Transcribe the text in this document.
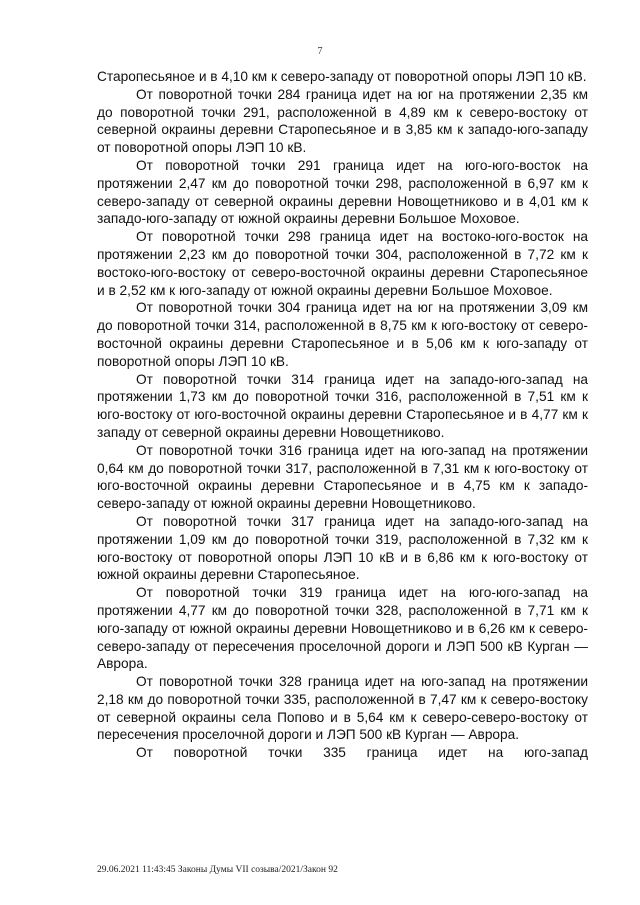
7

Старопесьяное и в 4,10 км к северо-западу от поворотной опоры ЛЭП 10 кВ.

От поворотной точки 284 граница идет на юг на протяжении 2,35 км до поворотной точки 291, расположенной в 4,89 км к северо-востоку от северной окраины деревни Старопесьяное и в 3,85 км к западо-юго-западу от поворотной опоры ЛЭП 10 кВ.

От поворотной точки 291 граница идет на юго-юго-восток на протяжении 2,47 км до поворотной точки 298, расположенной в 6,97 км к северо-западу от северной окраины деревни Новощетниково и в 4,01 км к западо-юго-западу от южной окраины деревни Большое Моховое.

От поворотной точки 298 граница идет на востоко-юго-восток на протяжении 2,23 км до поворотной точки 304, расположенной в 7,72 км к востоко-юго-востоку от северо-восточной окраины деревни Старопесьяное и в 2,52 км к юго-западу от южной окраины деревни Большое Моховое.

От поворотной точки 304 граница идет на юг на протяжении 3,09 км до поворотной точки 314, расположенной в 8,75 км к юго-востоку от северо-восточной окраины деревни Старопесьяное и в 5,06 км к юго-западу от поворотной опоры ЛЭП 10 кВ.

От поворотной точки 314 граница идет на западо-юго-запад на протяжении 1,73 км до поворотной точки 316, расположенной в 7,51 км к юго-востоку от юго-восточной окраины деревни Старопесьяное и в 4,77 км к западу от северной окраины деревни Новощетниково.

От поворотной точки 316 граница идет на юго-запад на протяжении 0,64 км до поворотной точки 317, расположенной в 7,31 км к юго-востоку от юго-восточной окраины деревни Старопесьяное и в 4,75 км к западо-северо-западу от южной окраины деревни Новощетниково.

От поворотной точки 317 граница идет на западо-юго-запад на протяжении 1,09 км до поворотной точки 319, расположенной в 7,32 км к юго-востоку от поворотной опоры ЛЭП 10 кВ и в 6,86 км к юго-востоку от южной окраины деревни Старопесьяное.

От поворотной точки 319 граница идет на юго-юго-запад на протяжении 4,77 км до поворотной точки 328, расположенной в 7,71 км к юго-западу от южной окраины деревни Новощетниково и в 6,26 км к северо-северо-западу от пересечения проселочной дороги и ЛЭП 500 кВ Курган — Аврора.

От поворотной точки 328 граница идет на юго-запад на протяжении 2,18 км до поворотной точки 335, расположенной в 7,47 км к северо-востоку от северной окраины села Попово и в 5,64 км к северо-северо-востоку от пересечения проселочной дороги и ЛЭП 500 кВ Курган — Аврора.

От поворотной точки 335 граница идет на юго-запад

29.06.2021 11:43:45 Законы Думы VII созыва/2021/Закон 92
